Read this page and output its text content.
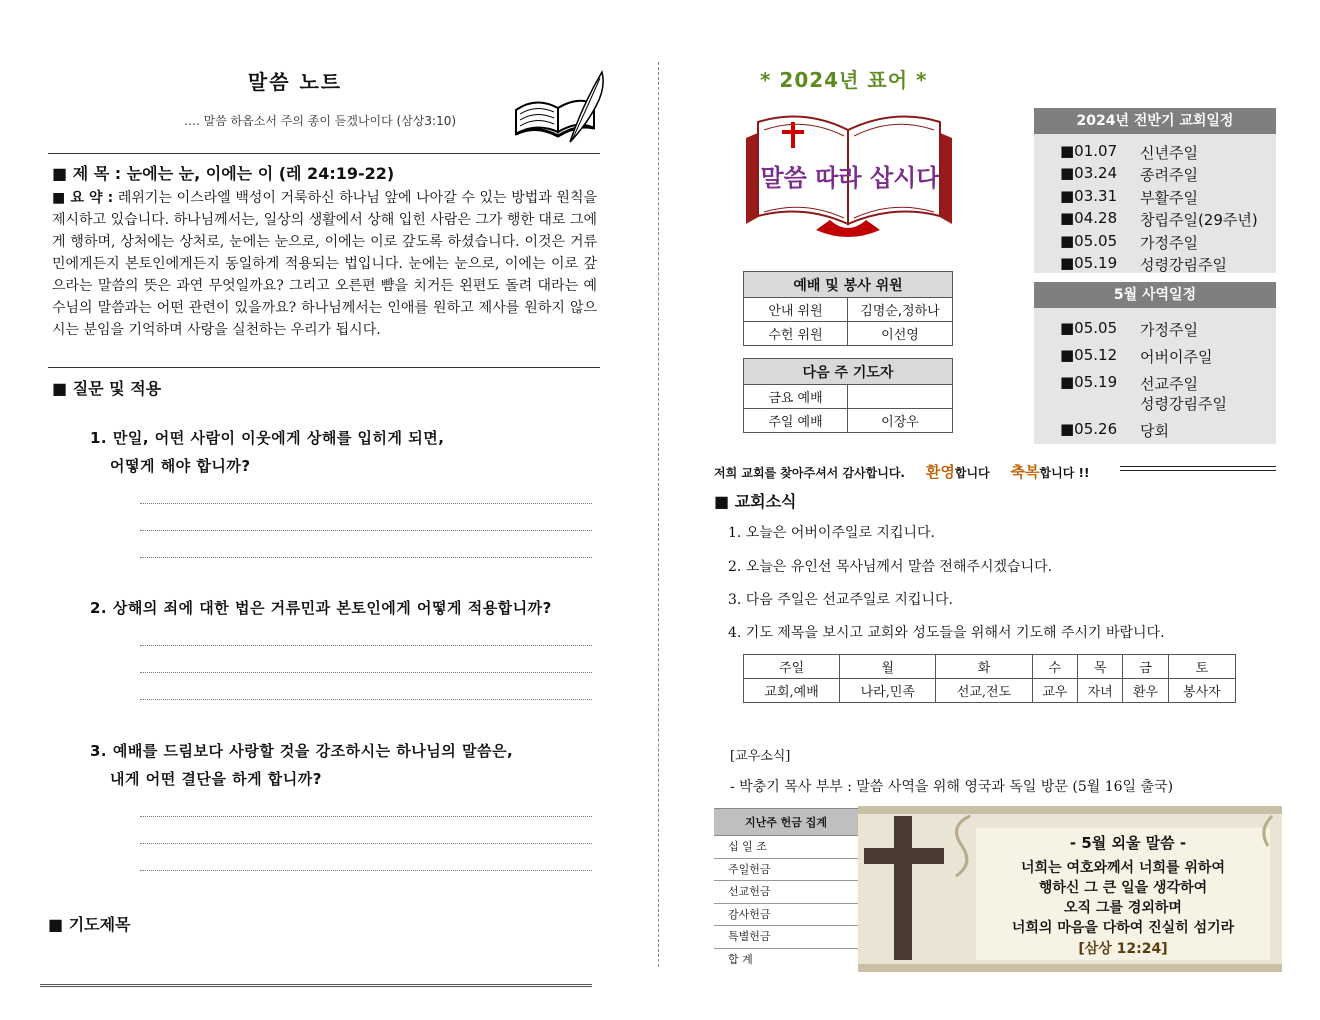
말씀 노트
…. 말씀 하옵소서 주의 종이 듣겠나이다 (삼상3:10)
■ 제 목 : 눈에는 눈, 이에는 이 (레 24:19-22)
■ 요 약 : 레위기는 이스라엘 백성이 거룩하신 하나님 앞에 나아갈 수 있는 방법과 원칙을 제시하고 있습니다. 하나님께서는, 일상의 생활에서 상해 입힌 사람은 그가 행한 대로 그에게 행하며, 상처에는 상처로, 눈에는 눈으로, 이에는 이로 갚도록 하셨습니다. 이것은 거류민에게든지 본토인에게든지 동일하게 적용되는 법입니다. 눈에는 눈으로, 이에는 이로 갚으라는 말씀의 뜻은 과연 무엇일까요? 그리고 오른편 뺨을 치거든 왼편도 돌려 대라는 예수님의 말씀과는 어떤 관련이 있을까요? 하나님께서는 인애를 원하고 제사를 원하지 않으시는 분임을 기억하며 사랑을 실천하는 우리가 됩시다.
■ 질문 및 적용
1. 만일, 어떤 사람이 이웃에게 상해를 입히게 되면,
어떻게 해야 합니까?
2. 상해의 죄에 대한 법은 거류민과 본토인에게 어떻게 적용합니까?
3. 예배를 드림보다 사랑할 것을 강조하시는 하나님의 말씀은,
내게 어떤 결단을 하게 합니까?
■ 기도제목
* 2024년 표어 *
말씀 따라 삽시다
예배 및 봉사 위원	
안내 위원	김명순,정하나
수헌 위원	이선영
다음 주 기도자	
금요 예배	
주일 예배	이장우
2024년 전반기 교회일정
■01.07 신년주일
■03.24 종려주일
■03.31 부활주일
■04.28 창립주일(29주년)
■05.05 가정주일
■05.19 성령강림주일
5월 사역일정
■05.05 가정주일
■05.12 어버이주일
■05.19 선교주일
성령강림주일
■05.26 당회
저희 교회를 찾아주셔서 감사합니다. 환영합니다 축복합니다 !!
■ 교회소식
1. 오늘은 어버이주일로 지킵니다.
2. 오늘은 유인선 목사님께서 말씀 전해주시겠습니다.
3. 다음 주일은 선교주일로 지킵니다.
4. 기도 제목을 보시고 교회와 성도들을 위해서 기도해 주시기 바랍니다.
주일	월	화	수	목	금	토
교회,예배	나라,민족	선교,전도	교우	자녀	환우	봉사자
[교우소식]
- 박충기 목사 부부 : 말씀 사역을 위해 영국과 독일 방문 (5월 16일 출국)
지난주 헌금 집계
십 일 조
주일헌금
선교헌금
감사헌금
특별헌금
합 계
- 5월 외울 말씀 -
너희는 여호와께서 너희를 위하여
행하신 그 큰 일을 생각하여
오직 그를 경외하며
너희의 마음을 다하여 진실히 섬기라
[삼상 12:24]
